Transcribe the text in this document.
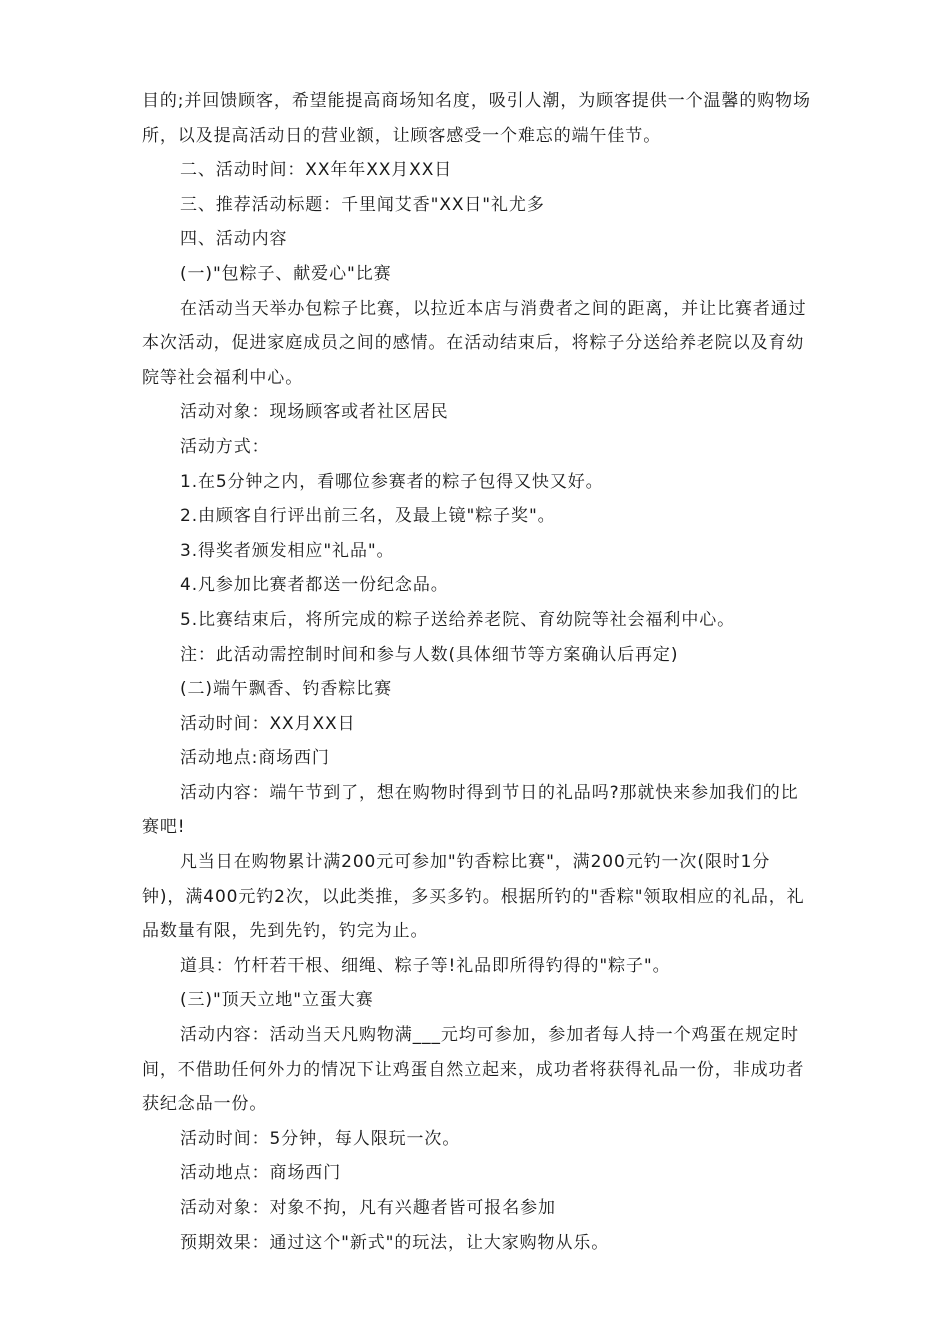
目的;并回馈顾客，希望能提高商场知名度，吸引人潮，为顾客提供一个温馨的购物场所，以及提高活动日的营业额，让顾客感受一个难忘的端午佳节。

二、活动时间：XX年年XX月XX日

三、推荐活动标题：千里闻艾香"XX日"礼尤多

四、活动内容

(一)"包粽子、献爱心"比赛

在活动当天举办包粽子比赛，以拉近本店与消费者之间的距离，并让比赛者通过本次活动，促进家庭成员之间的感情。在活动结束后，将粽子分送给养老院以及育幼院等社会福利中心。

活动对象：现场顾客或者社区居民

活动方式：

1.在5分钟之内，看哪位参赛者的粽子包得又快又好。

2.由顾客自行评出前三名，及最上镜"粽子奖"。

3.得奖者颁发相应"礼品"。

4.凡参加比赛者都送一份纪念品。

5.比赛结束后，将所完成的粽子送给养老院、育幼院等社会福利中心。

注：此活动需控制时间和参与人数(具体细节等方案确认后再定)

(二)端午飘香、钓香粽比赛

活动时间：XX月XX日

活动地点:商场西门

活动内容：端午节到了，想在购物时得到节日的礼品吗?那就快来参加我们的比赛吧!

凡当日在购物累计满200元可参加"钓香粽比赛"，满200元钓一次(限时1分钟)，满400元钓2次，以此类推，多买多钓。根据所钓的"香粽"领取相应的礼品，礼品数量有限，先到先钓，钓完为止。

道具：竹杆若干根、细绳、粽子等!礼品即所得钓得的"粽子"。

(三)"顶天立地"立蛋大赛

活动内容：活动当天凡购物满___元均可参加，参加者每人持一个鸡蛋在规定时间，不借助任何外力的情况下让鸡蛋自然立起来，成功者将获得礼品一份，非成功者获纪念品一份。

活动时间：5分钟，每人限玩一次。

活动地点：商场西门

活动对象：对象不拘，凡有兴趣者皆可报名参加

预期效果：通过这个"新式"的玩法，让大家购物从乐。
